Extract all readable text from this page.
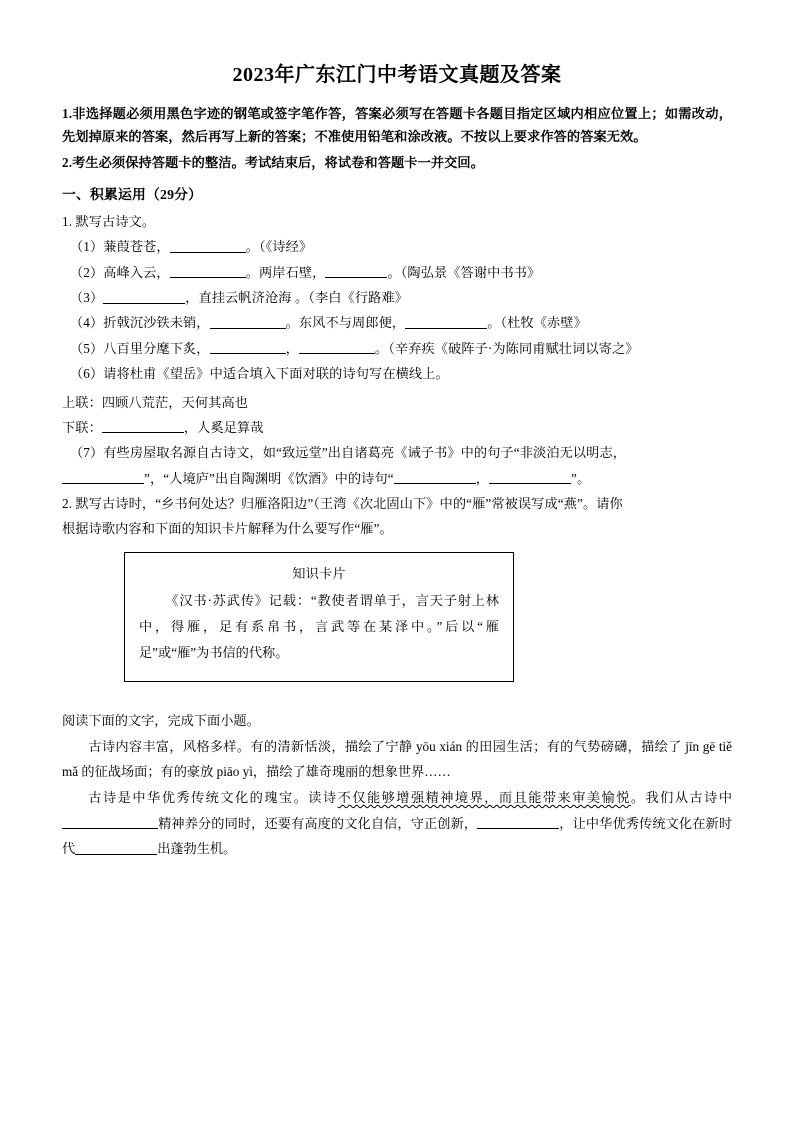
2023年广东江门中考语文真题及答案
1.非选择题必须用黑色字迹的钢笔或签字笔作答，答案必须写在答题卡各题目指定区域内相应位置上；如需改动，先划掉原来的答案，然后再写上新的答案；不准使用铅笔和涂改液。不按以上要求作答的答案无效。
2.考生必须保持答题卡的整洁。考试结束后，将试卷和答题卡一并交回。
一、积累运用（29分）
1. 默写古诗文。
（1）蒹葭苍苍，	。（《诗经》
（2）高峰入云，	。两岸石壁，	。（陶弘景《答谢中书书》
（3）	，直挂云帆济沧海 。（李白《行路难》
（4）折戟沉沙铁未销，	。东风不与周郎便，	。（杜牧《赤壁》
（5）八百里分麾下炙，	，	。（辛弃疾《破阵子·为陈同甫赋壮词以寄之》
（6）请将杜甫《望岳》中适合填入下面对联的诗句写在横线上。
上联：四顾八荒茫，天何其高也
下联：	，人奚足算哉
（7）有些房屋取名源自古诗文，如“致远堂”出自诸葛亮《诫子书》中的句子“非淡泊无以明志，
”，“人境庐”出自陶渊明《饮酒》中的诗句“	，	”。
2. 默写古诗时，“乡书何处达？归雁洛阳边”（王湾《次北固山下》中的“雁”常被误写成“燕”。请你
根据诗歌内容和下面的知识卡片解释为什么要写作“雁”。
知识卡片
《汉书·苏武传》记载：“教使者谓单于，言天子射上林中，得雁，足有系帛书，言武等在某泽中。”后以“雁足”或“雁”为书信的代称。
阅读下面的文字，完成下面小题。
古诗内容丰富，风格多样。有的清新恬淡，描绘了宁静 yōu xián 的田园生活；有的气势磅礴，描绘了 jīn gē tiě mǎ 的征战场面；有的豪放 piāo yì，描绘了雄奇瑰丽的想象世界……
古诗是中华优秀传统文化的瑰宝。读诗不仅能够增强精神境界，而且能带来审美愉悦。我们从古诗中精神养分的同时，还要有高度的文化自信，守正创新，	，让中华优秀传统文化在新时代	出蓬勃生机。
